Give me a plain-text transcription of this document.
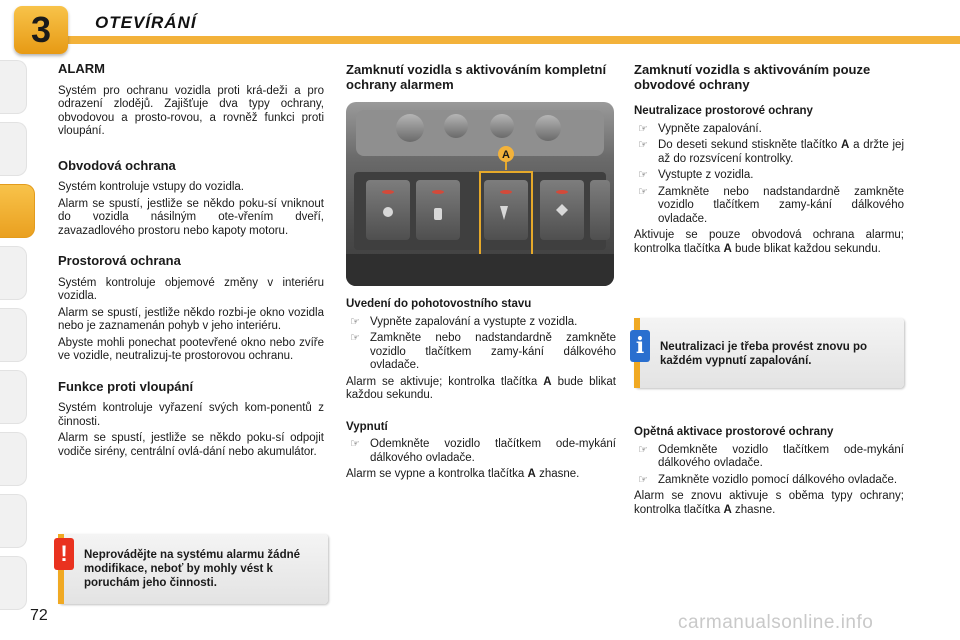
3	OTEVÍRÁNÍ
ALARM

Systém pro ochranu vozidla proti krá-deži a pro odrazení zlodějů. Zajišťuje dva typy ochrany, obvodovou a prosto-rovou, a rovněž funkci proti vloupání.

Obvodová ochrana

Systém kontroluje vstupy do vozidla.

Alarm se spustí, jestliže se někdo poku-sí vniknout do vozidla násilným ote-vřením dveří, zavazadlového prostoru nebo kapoty motoru.

Prostorová ochrana

Systém kontroluje objemové změny v interiéru vozidla.

Alarm se spustí, jestliže někdo rozbi-je okno vozidla nebo je zaznamenán pohyb v jeho interiéru.

Abyste mohli ponechat pootevřené okno nebo zvíře ve vozidle, neutralizuj-te prostorovou ochranu.

Funkce proti vloupání

Systém kontroluje vyřazení svých kom-ponentů z činnosti.

Alarm se spustí, jestliže se někdo poku-sí odpojit vodiče sirény, centrální ovlá-dání nebo akumulátor.

!	Neprovádějte na systému alarmu žádné modifikace, neboť by mohly vést k poruchám jeho činnosti.
Zamknutí vozidla s aktivováním kompletní ochrany alarmem
A
Uvedení do pohotovostního stavu

☞ Vypněte zapalování a vystupte z vozidla.

☞ Zamkněte nebo nadstandardně zamkněte vozidlo tlačítkem zamy-kání dálkového ovladače.

Alarm se aktivuje; kontrolka tlačítka A bude blikat každou sekundu.

Vypnutí

☞ Odemkněte vozidlo tlačítkem ode-mykání dálkového ovladače.

Alarm se vypne a kontrolka tlačítka A zhasne.

Zamknutí vozidla s aktivováním pouze obvodové ochrany
Neutralizace prostorové ochrany

☞ Vypněte zapalování.

☞ Do deseti sekund stiskněte tlačítko A a držte jej až do rozsvícení kontrolky.

☞ Vystupte z vozidla.

☞ Zamkněte nebo nadstandardně zamkněte vozidlo tlačítkem zamy-kání dálkového ovladače.

Aktivuje se pouze obvodová ochrana alarmu; kontrolka tlačítka A bude blikat každou sekundu.

i	Neutralizaci je třeba provést znovu po každém vypnutí zapalování.
Opětná aktivace prostorové ochrany

☞ Odemkněte vozidlo tlačítkem ode-mykání dálkového ovladače.

☞ Zamkněte vozidlo pomocí dálkového ovladače.

Alarm se znovu aktivuje s oběma typy ochrany; kontrolka tlačítka A zhasne.

72	carmanualsonline.info
